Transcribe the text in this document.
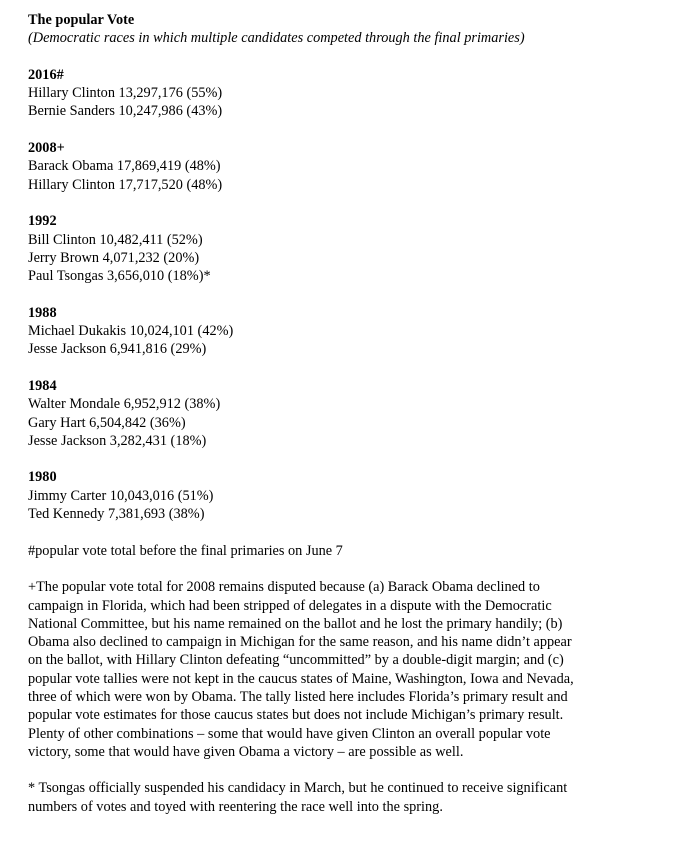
The popular Vote
(Democratic races in which multiple candidates competed through the final primaries)
2016#
Hillary Clinton 13,297,176 (55%)
Bernie Sanders 10,247,986 (43%)
2008+
Barack Obama 17,869,419 (48%)
Hillary Clinton 17,717,520 (48%)
1992
Bill Clinton 10,482,411 (52%)
Jerry Brown 4,071,232 (20%)
Paul Tsongas 3,656,010 (18%)*
1988
Michael Dukakis 10,024,101 (42%)
Jesse Jackson 6,941,816 (29%)
1984
Walter Mondale 6,952,912 (38%)
Gary Hart 6,504,842 (36%)
Jesse Jackson 3,282,431 (18%)
1980
Jimmy Carter 10,043,016 (51%)
Ted Kennedy 7,381,693 (38%)
#popular vote total before the final primaries on June 7
+The popular vote total for 2008 remains disputed because (a) Barack Obama declined to
campaign in Florida, which had been stripped of delegates in a dispute with the Democratic
National Committee, but his name remained on the ballot and he lost the primary handily; (b)
Obama also declined to campaign in Michigan for the same reason, and his name didn’t appear
on the ballot, with Hillary Clinton defeating “uncommitted” by a double-digit margin; and (c)
popular vote tallies were not kept in the caucus states of Maine, Washington, Iowa and Nevada,
three of which were won by Obama. The tally listed here includes Florida’s primary result and
popular vote estimates for those caucus states but does not include Michigan’s primary result.
Plenty of other combinations – some that would have given Clinton an overall popular vote
victory, some that would have given Obama a victory – are possible as well.
* Tsongas officially suspended his candidacy in March, but he continued to receive significant
numbers of votes and toyed with reentering the race well into the spring.
